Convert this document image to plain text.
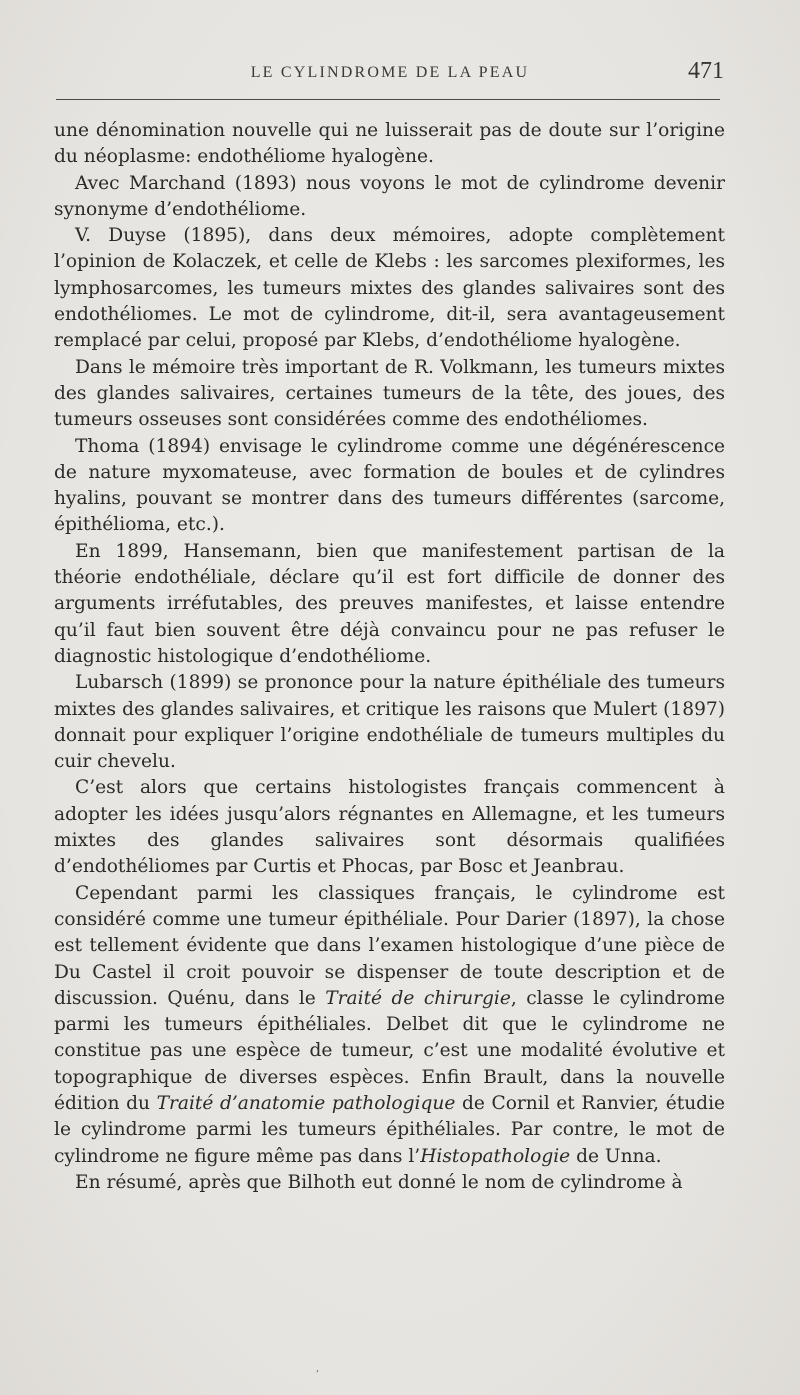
LE CYLINDROME DE LA PEAU	471

une dénomination nouvelle qui ne luisserait pas de doute sur l’origine du néoplasme: endothéliome hyalogène.

Avec Marchand (1893) nous voyons le mot de cylindrome devenir synonyme d’endothéliome.

V. Duyse (1895), dans deux mémoires, adopte complètement l’opinion de Kolaczek, et celle de Klebs : les sarcomes plexiformes, les lymphosarcomes, les tumeurs mixtes des glandes salivaires sont des endothéliomes. Le mot de cylindrome, dit-il, sera avantageusement remplacé par celui, proposé par Klebs, d’endothéliome hyalogène.

Dans le mémoire très important de R. Volkmann, les tumeurs mixtes des glandes salivaires, certaines tumeurs de la tête, des joues, des tumeurs osseuses sont considérées comme des endothéliomes.

Thoma (1894) envisage le cylindrome comme une dégénérescence de nature myxomateuse, avec formation de boules et de cylindres hyalins, pouvant se montrer dans des tumeurs différentes (sarcome, épithélioma, etc.).

En 1899, Hansemann, bien que manifestement partisan de la théorie endothéliale, déclare qu’il est fort difficile de donner des arguments irréfutables, des preuves manifestes, et laisse entendre qu’il faut bien souvent être déjà convaincu pour ne pas refuser le diagnostic histologique d’endothéliome.

Lubarsch (1899) se prononce pour la nature épithéliale des tumeurs mixtes des glandes salivaires, et critique les raisons que Mulert (1897) donnait pour expliquer l’origine endothéliale de tumeurs multiples du cuir chevelu.

C’est alors que certains histologistes français commencent à adopter les idées jusqu’alors régnantes en Allemagne, et les tumeurs mixtes des glandes salivaires sont désormais qualifiées d’endothéliomes par Curtis et Phocas, par Bosc et Jeanbrau.

Cependant parmi les classiques français, le cylindrome est considéré comme une tumeur épithéliale. Pour Darier (1897), la chose est tellement évidente que dans l’examen histologique d’une pièce de Du Castel il croit pouvoir se dispenser de toute description et de discussion. Quénu, dans le Traité de chirurgie, classe le cylindrome parmi les tumeurs épithéliales. Delbet dit que le cylindrome ne constitue pas une espèce de tumeur, c’est une modalité évolutive et topographique de diverses espèces. Enfin Brault, dans la nouvelle édition du Traité d’anatomie pathologique de Cornil et Ranvier, étudie le cylindrome parmi les tumeurs épithéliales. Par contre, le mot de cylindrome ne figure même pas dans l’Histopathologie de Unna.

En résumé, après que Bilhoth eut donné le nom de cylindrome à

,
